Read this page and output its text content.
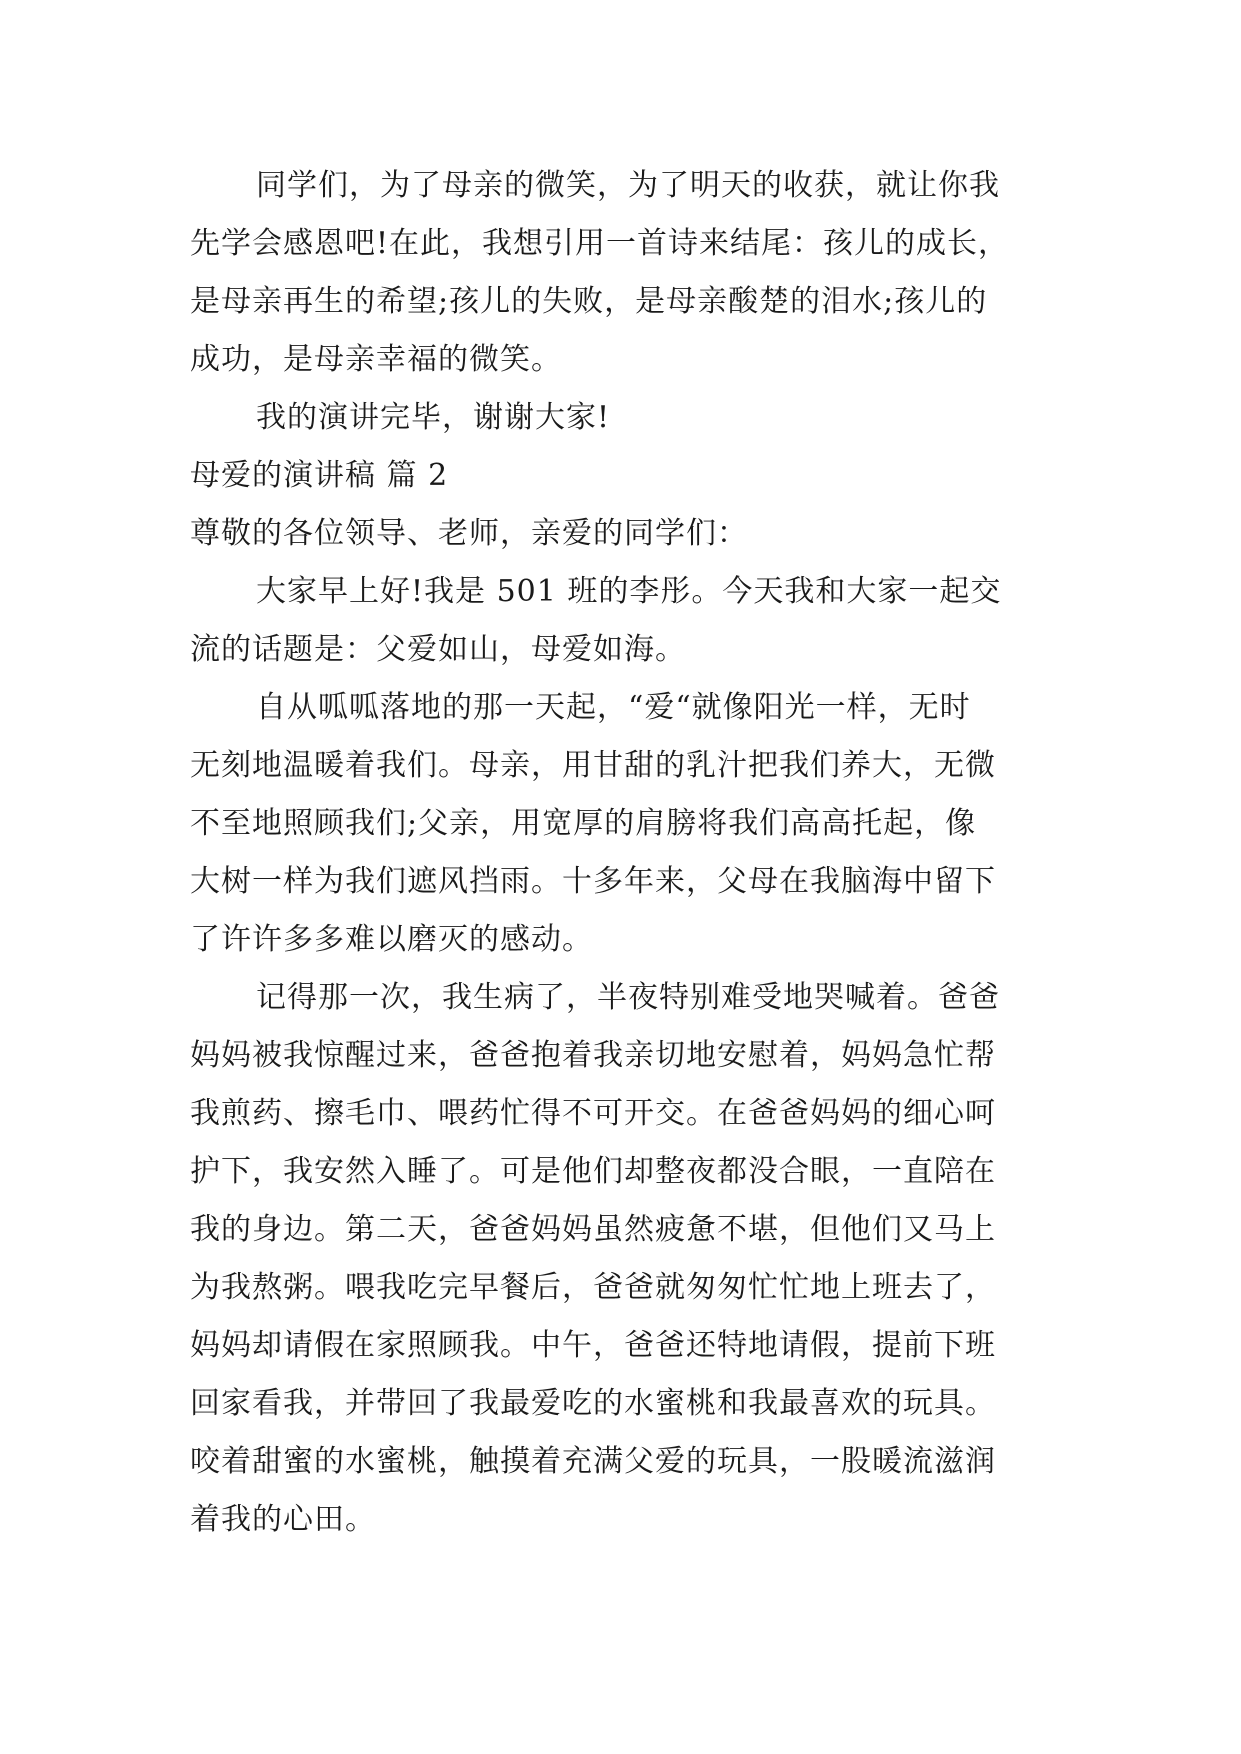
同学们，为了母亲的微笑，为了明天的收获，就让你我
先学会感恩吧!在此，我想引用一首诗来结尾：孩儿的成长，
是母亲再生的希望;孩儿的失败，是母亲酸楚的泪水;孩儿的
成功，是母亲幸福的微笑。
我的演讲完毕，谢谢大家!
母爱的演讲稿 篇 2
尊敬的各位领导、老师，亲爱的同学们：
大家早上好!我是 501 班的李彤。今天我和大家一起交
流的话题是：父爱如山，母爱如海。
自从呱呱落地的那一天起，“爱“就像阳光一样，无时
无刻地温暖着我们。母亲，用甘甜的乳汁把我们养大，无微
不至地照顾我们;父亲，用宽厚的肩膀将我们高高托起，像
大树一样为我们遮风挡雨。十多年来，父母在我脑海中留下
了许许多多难以磨灭的感动。
记得那一次，我生病了，半夜特别难受地哭喊着。爸爸
妈妈被我惊醒过来，爸爸抱着我亲切地安慰着，妈妈急忙帮
我煎药、擦毛巾、喂药忙得不可开交。在爸爸妈妈的细心呵
护下，我安然入睡了。可是他们却整夜都没合眼，一直陪在
我的身边。第二天，爸爸妈妈虽然疲惫不堪，但他们又马上
为我熬粥。喂我吃完早餐后，爸爸就匆匆忙忙地上班去了，
妈妈却请假在家照顾我。中午，爸爸还特地请假，提前下班
回家看我，并带回了我最爱吃的水蜜桃和我最喜欢的玩具。
咬着甜蜜的水蜜桃，触摸着充满父爱的玩具，一股暖流滋润
着我的心田。
